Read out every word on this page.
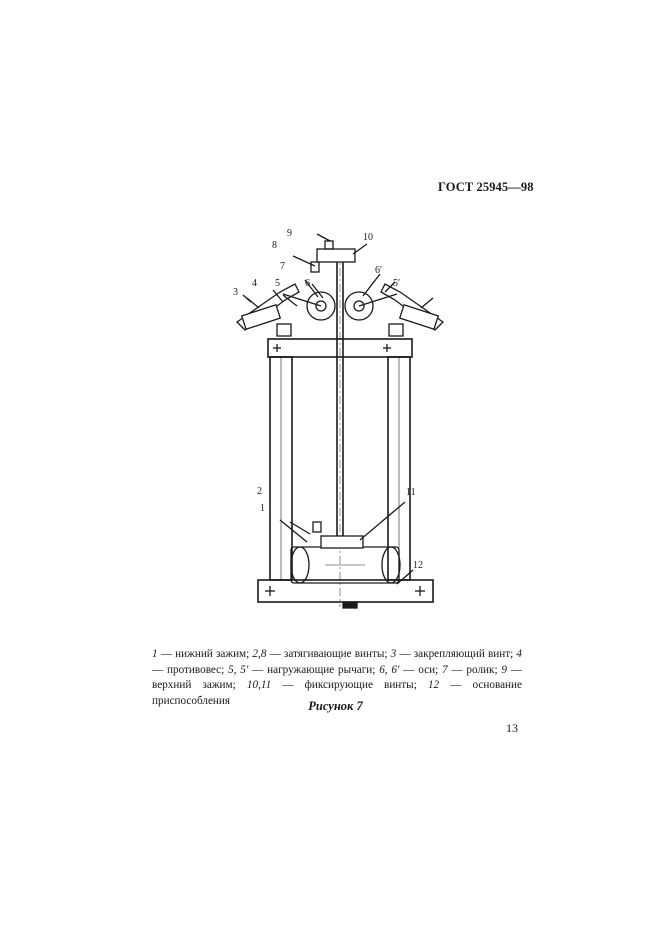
ГОСТ 25945—98
9	10
8
7
6
6′
5′
5
4
3
2
1
11
12
1 — нижний зажим; 2,8 — затягивающие винты; 3 — закрепляющий винт; 4 — противовес; 5, 5′ — нагружающие рычаги; 6, 6′ — оси; 7 — ролик; 9 — верхний зажим; 10,11 — фиксирующие винты; 12 — основание приспособления	Рисунок 7
13
